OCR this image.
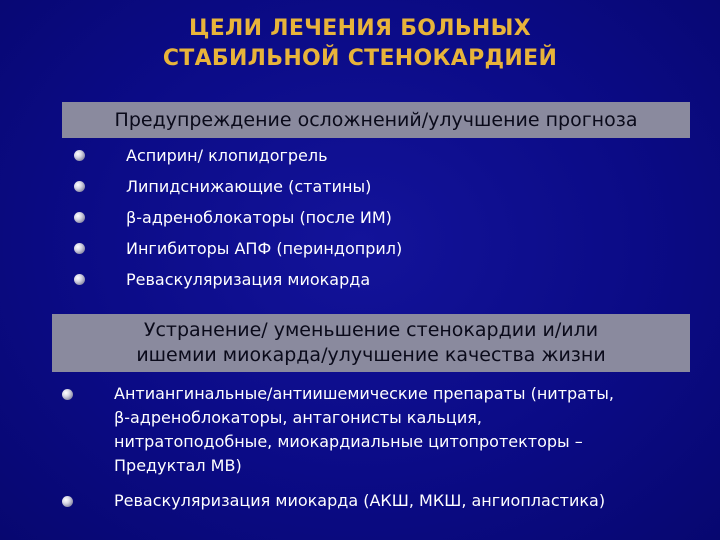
ЦЕЛИ ЛЕЧЕНИЯ БОЛЬНЫХ
СТАБИЛЬНОЙ СТЕНОКАРДИЕЙ
Предупреждение осложнений/улучшение прогноза
Аспирин/ клопидогрель
Липидснижающие (статины)
β-адреноблокаторы (после ИМ)
Ингибиторы АПФ (периндоприл)
Реваскуляризация миокарда
Устранение/ уменьшение стенокардии и/или
ишемии миокарда/улучшение качества жизни
Антиангинальные/антиишемические препараты (нитраты,
β-адреноблокаторы, антагонисты кальция,
нитратоподобные, миокардиальные цитопротекторы –
Предуктал МВ)
Реваскуляризация миокарда (АКШ, МКШ, ангиопластика)
